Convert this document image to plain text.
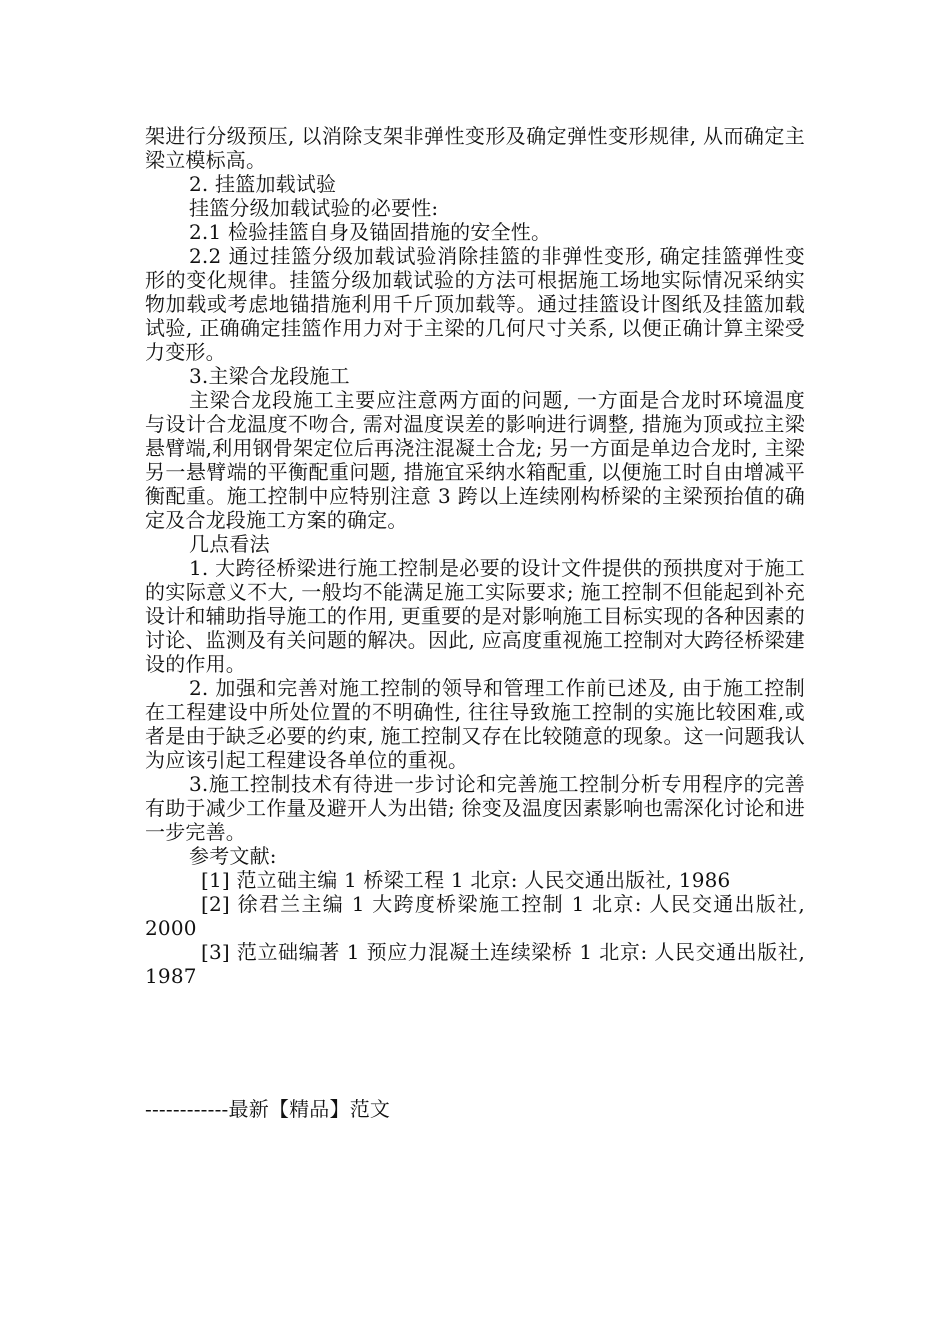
架进行分级预压, 以消除支架非弹性变形及确定弹性变形规律, 从而确定主梁立模标高。

2. 挂篮加载试验

挂篮分级加载试验的必要性:

2.1 检验挂篮自身及锚固措施的安全性。

2.2 通过挂篮分级加载试验消除挂篮的非弹性变形, 确定挂篮弹性变形的变化规律。挂篮分级加载试验的方法可根据施工场地实际情况采纳实物加载或考虑地锚措施利用千斤顶加载等。通过挂篮设计图纸及挂篮加载试验, 正确确定挂篮作用力对于主梁的几何尺寸关系, 以便正确计算主梁受力变形。

3.主梁合龙段施工

主梁合龙段施工主要应注意两方面的问题, 一方面是合龙时环境温度与设计合龙温度不吻合, 需对温度误差的影响进行调整, 措施为顶或拉主梁悬臂端,利用钢骨架定位后再浇注混凝土合龙; 另一方面是单边合龙时, 主梁另一悬臂端的平衡配重问题, 措施宜采纳水箱配重, 以便施工时自由增减平衡配重。施工控制中应特别注意 3 跨以上连续刚构桥梁的主梁预抬值的确定及合龙段施工方案的确定。

几点看法

1. 大跨径桥梁进行施工控制是必要的设计文件提供的预拱度对于施工的实际意义不大, 一般均不能满足施工实际要求; 施工控制不但能起到补充设计和辅助指导施工的作用, 更重要的是对影响施工目标实现的各种因素的讨论、监测及有关问题的解决。因此, 应高度重视施工控制对大跨径桥梁建设的作用。

2. 加强和完善对施工控制的领导和管理工作前已述及, 由于施工控制在工程建设中所处位置的不明确性, 往往导致施工控制的实施比较困难,或者是由于缺乏必要的约束, 施工控制又存在比较随意的现象。这一问题我认为应该引起工程建设各单位的重视。

3.施工控制技术有待进一步讨论和完善施工控制分析专用程序的完善有助于减少工作量及避开人为出错; 徐变及温度因素影响也需深化讨论和进一步完善。

参考文献:

[1] 范立础主编 1 桥梁工程 1 北京: 人民交通出版社, 1986

[2] 徐君兰主编 1 大跨度桥梁施工控制 1 北京: 人民交通出版社, 2000

[3] 范立础编著 1 预应力混凝土连续梁桥 1 北京: 人民交通出版社, 1987

------------最新【精品】范文
